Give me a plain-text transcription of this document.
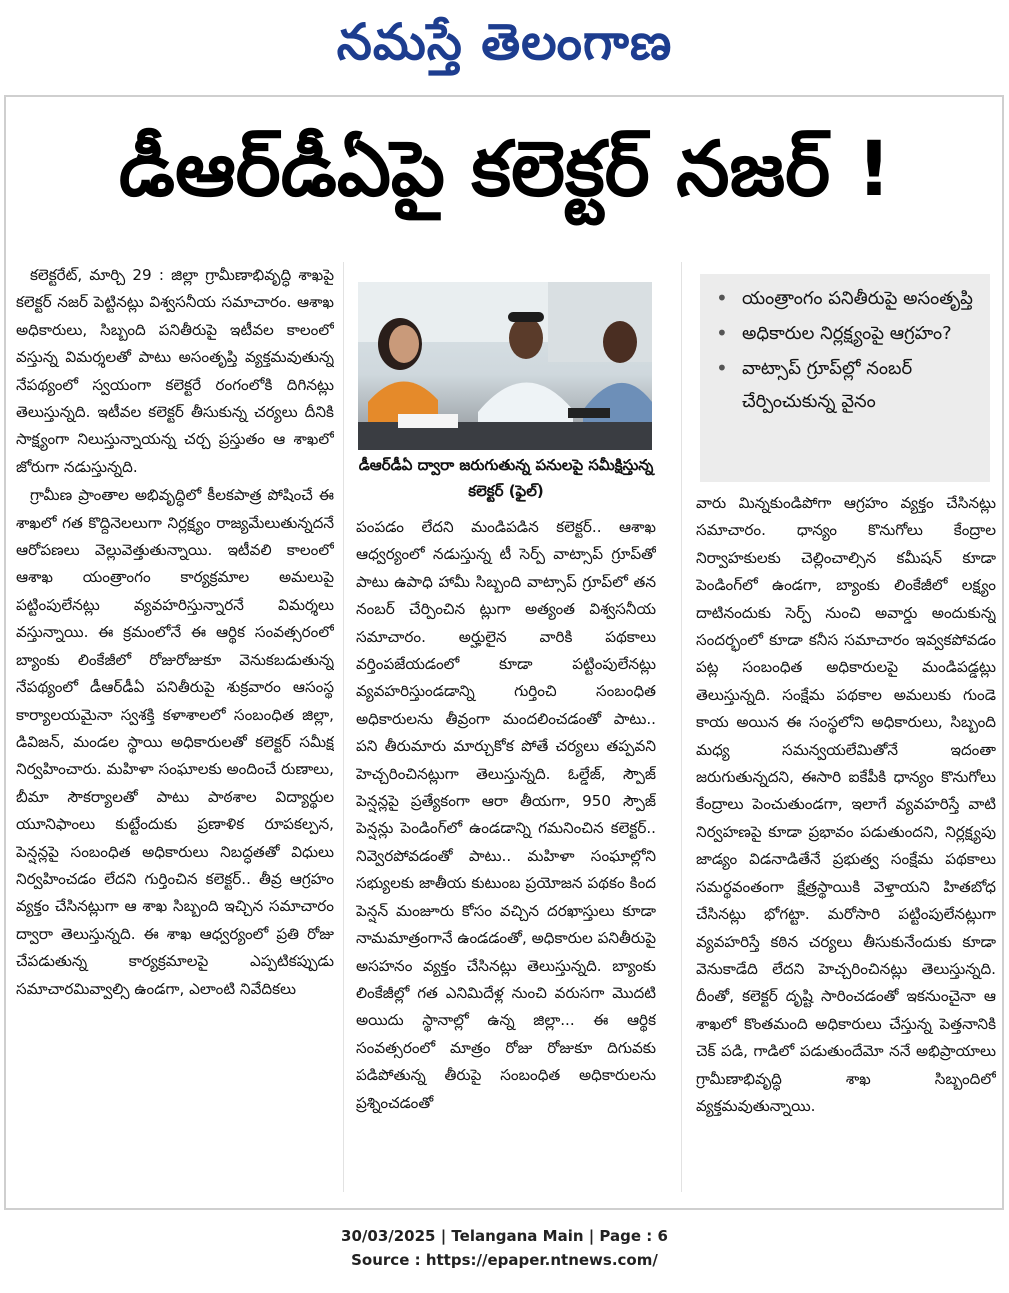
నమస్తే తెలంగాణ
డీఆర్‌డీఏపై కలెక్టర్‌ నజర్‌ !

కలెక్టరేట్‌, మార్చి 29 : జిల్లా గ్రామీణాభివృద్ధి శాఖపై కలెక్టర్‌ నజర్‌ పెట్టినట్లు విశ్వసనీయ సమాచారం. ఆశాఖ అధికారులు, సిబ్బంది పనితీరుపై ఇటీవల కాలంలో వస్తున్న విమర్శలతో పాటు అసంతృప్తి వ్యక్తమవుతున్న నేపథ్యంలో స్వయంగా కలెక్టరే రంగంలోకి దిగినట్లు తెలుస్తున్నది. ఇటీవల కలెక్టర్‌ తీసుకున్న చర్యలు దీనికి సాక్ష్యంగా నిలుస్తున్నాయన్న చర్చ ప్రస్తుతం ఆ శాఖలో జోరుగా నడుస్తున్నది.

గ్రామీణ ప్రాంతాల అభివృద్ధిలో కీలకపాత్ర పోషించే ఈ శాఖలో గత కొద్దినెలలుగా నిర్లక్ష్యం రాజ్యమేలుతున్నదనే ఆరోపణలు వెల్లువెత్తుతున్నాయి. ఇటీవలి కాలంలో ఆశాఖ యంత్రాంగం కార్యక్రమాల అమలుపై పట్టింపులేనట్లు వ్యవహరిస్తున్నారనే విమర్శలు వస్తున్నాయి. ఈ క్రమంలోనే ఈ ఆర్థిక సంవత్సరంలో బ్యాంకు లింకేజీలో రోజురోజుకూ వెనుకబడుతున్న నేపథ్యంలో డీఆర్‌డీఏ పనితీరుపై శుక్రవారం ఆసంస్థ కార్యాలయమైనా స్వశక్తి కళాశాలలో సంబంధిత జిల్లా, డివిజన్‌, మండల స్థాయి అధికారులతో కలెక్టర్‌ సమీక్ష నిర్వహించారు. మహిళా సంఘాలకు అందించే రుణాలు, బీమా సౌకర్యాలతో పాటు పాఠశాల విద్యార్థుల యూనిఫాంలు కుట్టేందుకు ప్రణాళిక రూపకల్పన, పెన్షన్లపై సంబంధిత అధికారులు నిబద్ధతతో విధులు నిర్వహించడం లేదని గుర్తించిన కలెక్టర్‌.. తీవ్ర ఆగ్రహం వ్యక్తం చేసినట్లుగా ఆ శాఖ సిబ్బంది ఇచ్చిన సమాచారం ద్వారా తెలుస్తున్నది. ఈ శాఖ ఆధ్వర్యంలో ప్రతి రోజు చేపడుతున్న కార్యక్రమాలపై ఎప్పటికప్పుడు సమాచారమివ్వాల్సి ఉండగా, ఎలాంటి నివేదికలు

డీఆర్‌డీఏ ద్వారా జరుగుతున్న పనులపై సమీక్షిస్తున్న కలెక్టర్‌ (ఫైల్‌)
• యంత్రాంగం పనితీరుపై అసంతృప్తి
• అధికారుల నిర్లక్ష్యంపై ఆగ్రహం?
• వాట్సాప్‌ గ్రూప్‌ల్లో నంబర్‌ చేర్పించుకున్న వైనం

పంపడం లేదని మండిపడిన కలెక్టర్‌.. ఆశాఖ ఆధ్వర్యంలో నడుస్తున్న టీ సెర్ప్‌ వాట్సాప్‌ గ్రూప్‌తో పాటు ఉపాధి హామీ సిబ్బంది వాట్సాప్‌ గ్రూప్‌లో తన నంబర్‌ చేర్పించిన ట్లుగా అత్యంత విశ్వసనీయ సమాచారం. అర్హులైన వారికి పథకాలు వర్తింపజేయడంలో కూడా పట్టింపులేనట్లు వ్యవహరిస్తుండడాన్ని గుర్తించి సంబంధిత అధికారులను తీవ్రంగా మందలించడంతో పాటు.. పని తీరుమారు మార్చుకోక పోతే చర్యలు తప్పవని హెచ్చరించినట్లుగా తెలుస్తున్నది. ఓల్డేజ్‌, స్పౌజ్‌ పెన్షన్లపై ప్రత్యేకంగా ఆరా తీయగా, 950 స్పౌజ్‌ పెన్షన్లు పెండింగ్‌లో ఉండడాన్ని గమనించిన కలెక్టర్‌.. నివ్వెరపోవడంతో పాటు.. మహిళా సంఘాల్లోని సభ్యులకు జాతీయ కుటుంబ ప్రయోజన పథకం కింద పెన్షన్‌ మంజూరు కోసం వచ్చిన దరఖాస్తులు కూడా నామమాత్రంగానే ఉండడంతో, అధికారుల పనితీరుపై అసహనం వ్యక్తం చేసినట్లు తెలుస్తున్నది. బ్యాంకు లింకేజీల్లో గత ఎనిమిదేళ్ల నుంచి వరుసగా మొదటి అయిదు స్థానాల్లో ఉన్న జిల్లా... ఈ ఆర్థిక సంవత్సరంలో మాత్రం రోజు రోజుకూ దిగువకు పడిపోతున్న తీరుపై సంబంధిత అధికారులను ప్రశ్నించడంతో

వారు మిన్నకుండిపోగా ఆగ్రహం వ్యక్తం చేసినట్లు సమాచారం. ధాన్యం కొనుగోలు కేంద్రాల నిర్వాహకులకు చెల్లించాల్సిన కమీషన్‌ కూడా పెండింగ్‌లో ఉండగా, బ్యాంకు లింకేజీలో లక్ష్యం దాటినందుకు సెర్ప్‌ నుంచి అవార్డు అందుకున్న సందర్భంలో కూడా కనీస సమాచారం ఇవ్వకపోవడం పట్ల సంబంధిత అధికారులపై మండిపడ్డట్లు తెలుస్తున్నది. సంక్షేమ పథకాల అమలుకు గుండె కాయ అయిన ఈ సంస్థలోని అధికారులు, సిబ్బంది మధ్య సమన్వయలేమితోనే ఇదంతా జరుగుతున్నదని, ఈసారి ఐకేపీకి ధాన్యం కొనుగోలు కేంద్రాలు పెంచుతుండగా, ఇలాగే వ్యవహరిస్తే వాటి నిర్వహణపై కూడా ప్రభావం పడుతుందని, నిర్లక్ష్యపు జాడ్యం విడనాడితేనే ప్రభుత్వ సంక్షేమ పథకాలు సమర్థవంతంగా క్షేత్రస్థాయికి వెళ్తాయని హితబోధ చేసినట్లు భోగట్టా. మరోసారి పట్టింపులేనట్లుగా వ్యవహరిస్తే కఠిన చర్యలు తీసుకునేందుకు కూడా వెనుకాడేది లేదని హెచ్చరించినట్లు తెలుస్తున్నది. దీంతో, కలెక్టర్‌ దృష్టి సారించడంతో ఇకనుంచైనా ఆ శాఖలో కొంతమంది అధికారులు చేస్తున్న పెత్తనానికి చెక్‌ పడి, గాడిలో పడుతుందేమో ననే అభిప్రాయాలు గ్రామీణాభివృద్ధి శాఖ సిబ్బందిలో వ్యక్తమవుతున్నాయి.

30/03/2025 | Telangana Main | Page : 6
Source : https://epaper.ntnews.com/
